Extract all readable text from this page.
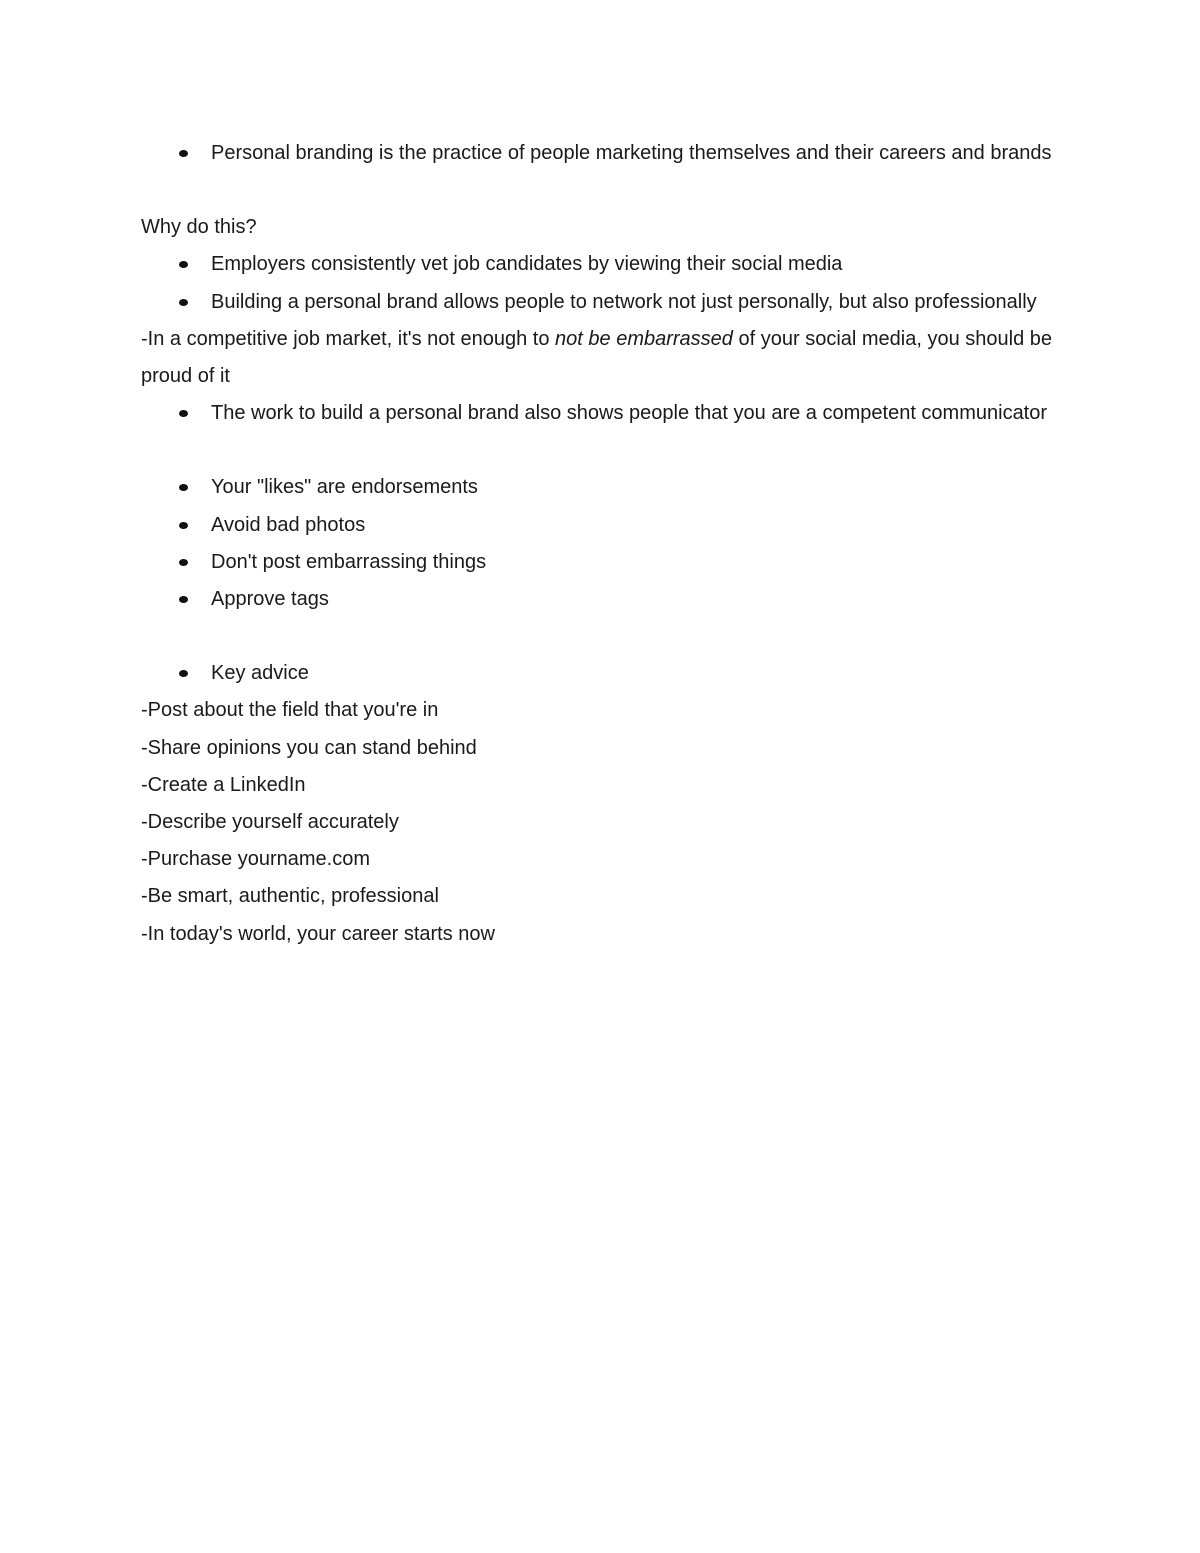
Personal branding is the practice of people marketing themselves and their careers and brands

Why do this?

Employers consistently vet job candidates by viewing their social media
Building a personal brand allows people to network not just personally, but also professionally

-In a competitive job market, it's not enough to not be embarrassed of your social media, you should be proud of it

The work to build a personal brand also shows people that you are a competent communicator
Your "likes" are endorsements
Avoid bad photos
Don't post embarrassing things
Approve tags
Key advice

-Post about the field that you're in

-Share opinions you can stand behind

-Create a LinkedIn

-Describe yourself accurately

-Purchase yourname.com

-Be smart, authentic, professional

-In today's world, your career starts now
